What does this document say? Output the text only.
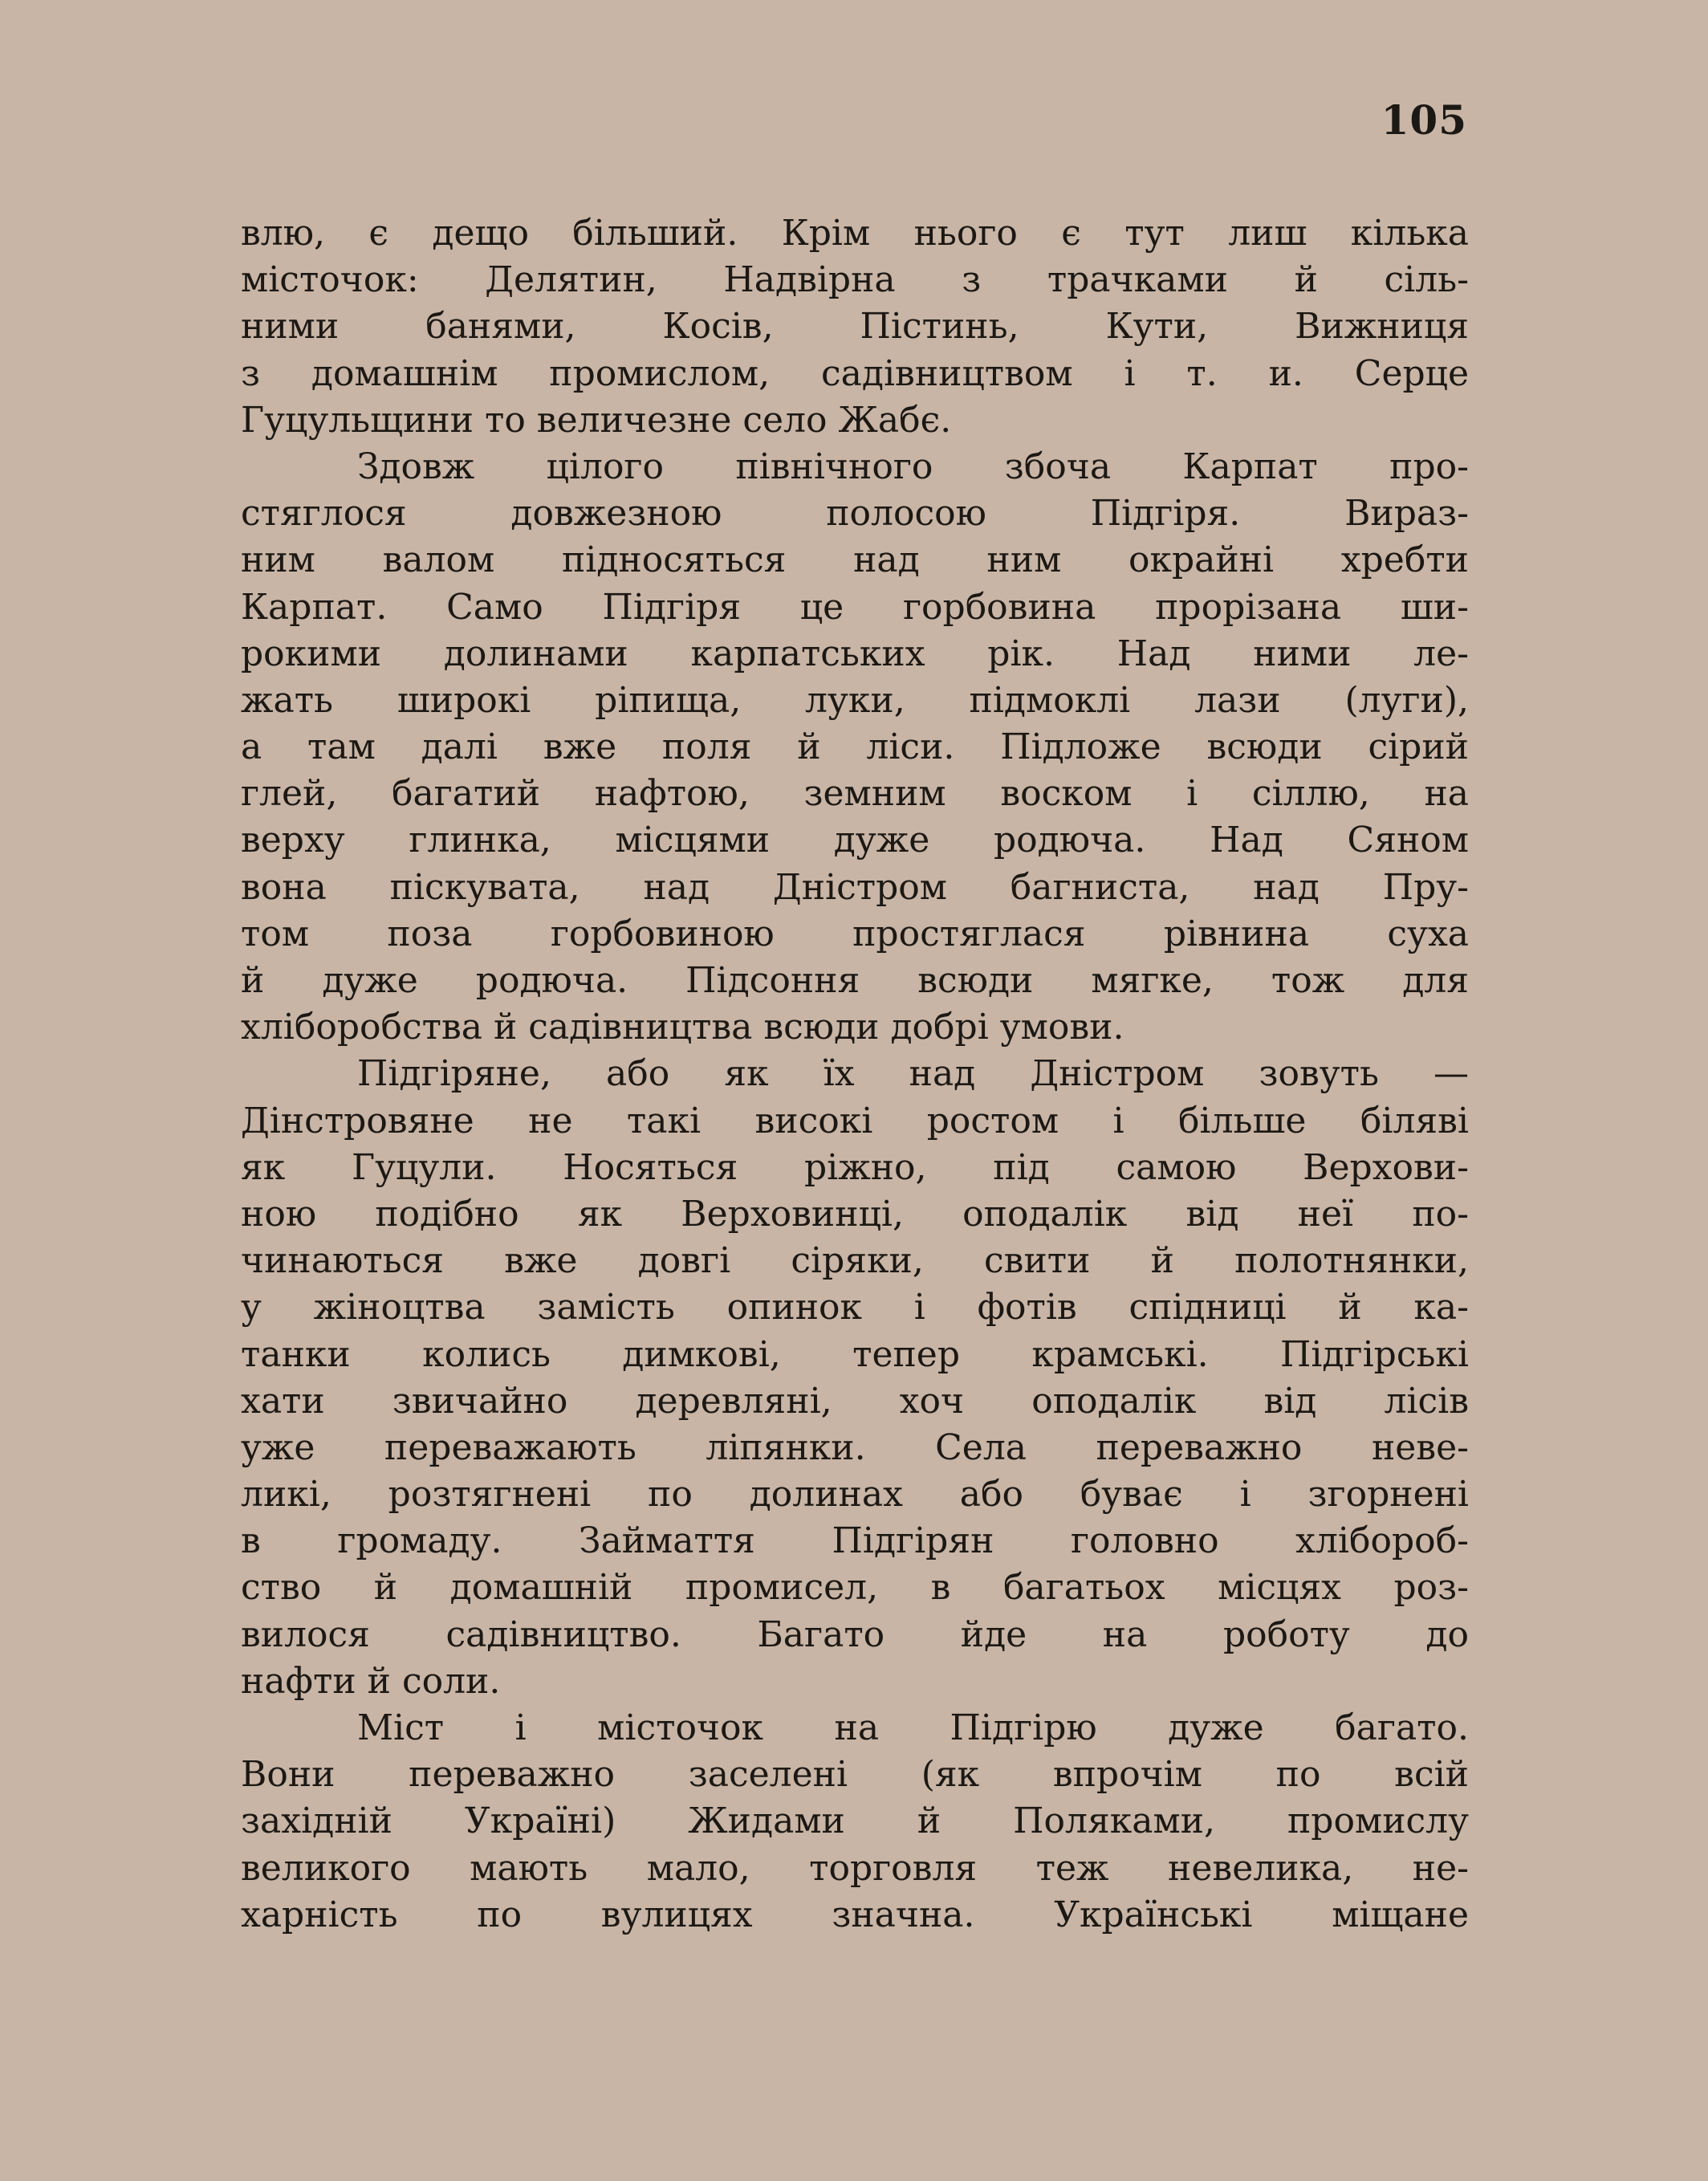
105
влю, є дещо більший. Крім нього є тут лиш кілька
місточок: Делятин, Надвірна з трачками й сіль-
ними банями, Косів, Пістинь, Кути, Вижниця
з домашнім промислом, садівництвом і т. и. Серце
Гуцульщини то величезне село Жабє.
Здовж цілого північного збоча Карпат про-
стяглося довжезною полосою Підгіря. Вираз-
ним валом підносяться над ним окрайні хребти
Карпат. Само Підгіря це горбовина прорізана ши-
рокими долинами карпатських рік. Над ними ле-
жать широкі ріпища, луки, підмоклі лази (луги),
а там далі вже поля й ліси. Підложе всюди сірий
глей, багатий нафтою, земним воском і сіллю, на
верху глинка, місцями дуже родюча. Над Сяном
вона піскувата, над Дністром багниста, над Пру-
том поза горбовиною простяглася рівнина суха
й дуже родюча. Підсоння всюди мягке, тож для
хліборобства й садівництва всюди добрі умови.
Підгіряне, або як їх над Дністром зовуть —
Дінстровяне не такі високі ростом і більше біляві
як Гуцули. Носяться ріжно, під самою Верхови-
ною подібно як Верховинці, оподалік від неї по-
чинаються вже довгі сіряки, свити й полотнянки,
у жіноцтва замість опинок і фотів спідниці й ка-
танки колись димкові, тепер крамські. Підгірські
хати звичайно деревляні, хоч оподалік від лісів
уже переважають ліпянки. Села переважно неве-
ликі, розтягнені по долинах або буває і згорнені
в громаду. Займаття Підгірян головно хлібороб-
ство й домашній промисел, в багатьох місцях роз-
вилося садівництво. Багато йде на роботу до
нафти й соли.
Міст і місточок на Підгірю дуже багато.
Вони переважно заселені (як впрочім по всій
західній Україні) Жидами й Поляками, промислу
великого мають мало, торговля теж невелика, не-
харність по вулицях значна. Українські міщане
